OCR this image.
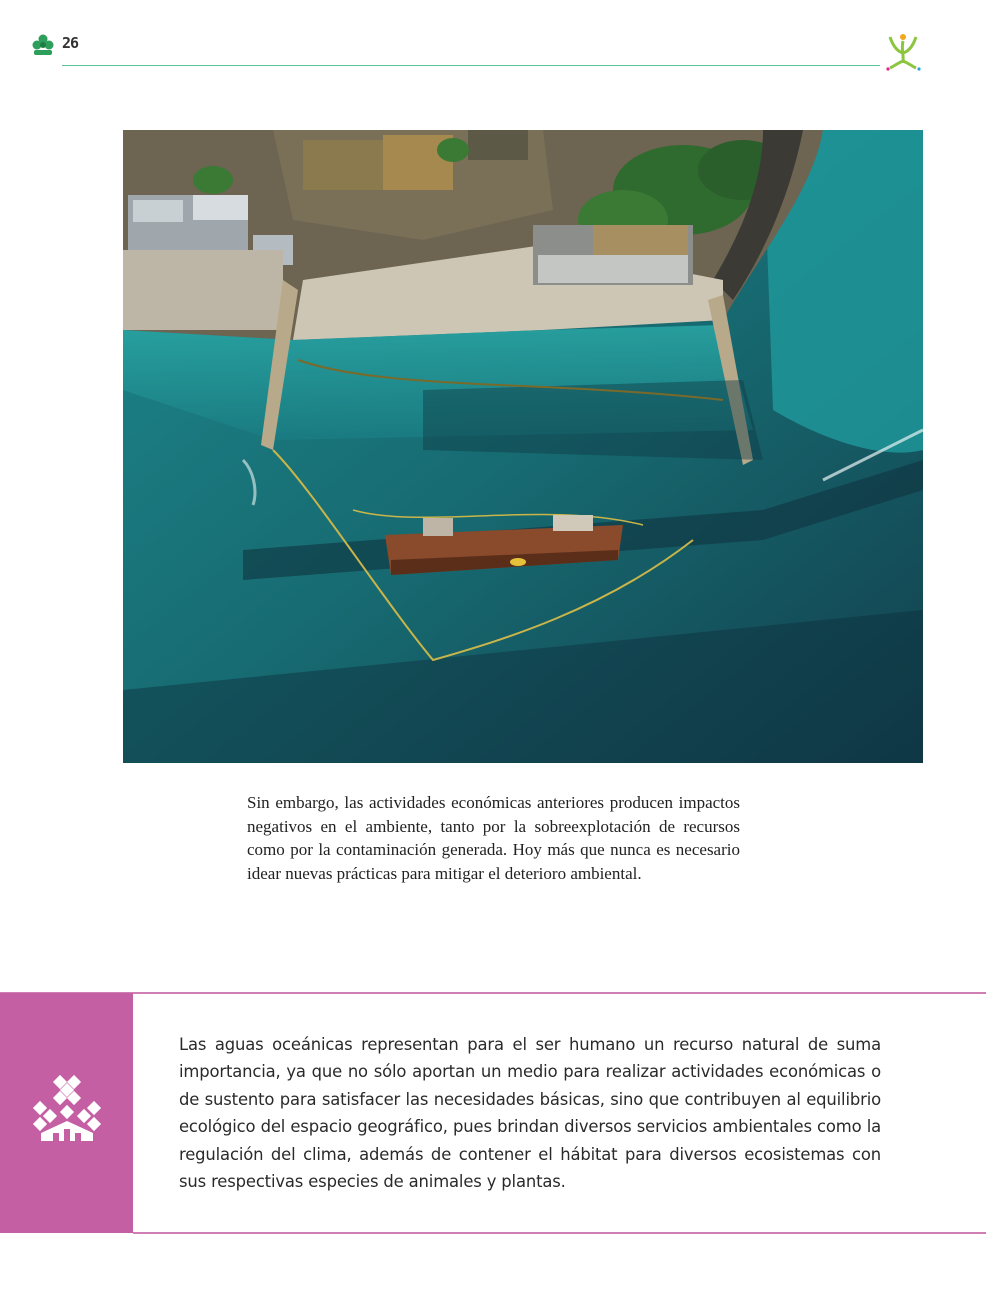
26

Sin embargo, las actividades económicas anteriores producen impactos negativos en el ambiente, tanto por la sobreexplotación de recursos como por la contaminación generada. Hoy más que nunca es necesario idear nuevas prácticas para mitigar el deterioro ambiental.

Las aguas oceánicas representan para el ser humano un recurso natural de suma importancia, ya que no sólo aportan un medio para realizar actividades económicas o de sustento para satisfacer las necesidades básicas, sino que contribuyen al equilibrio ecológico del espacio geográfico, pues brindan diversos servicios ambientales como la regulación del clima, además de contener el hábitat para diversos ecosistemas con sus respectivas especies de animales y plantas.
